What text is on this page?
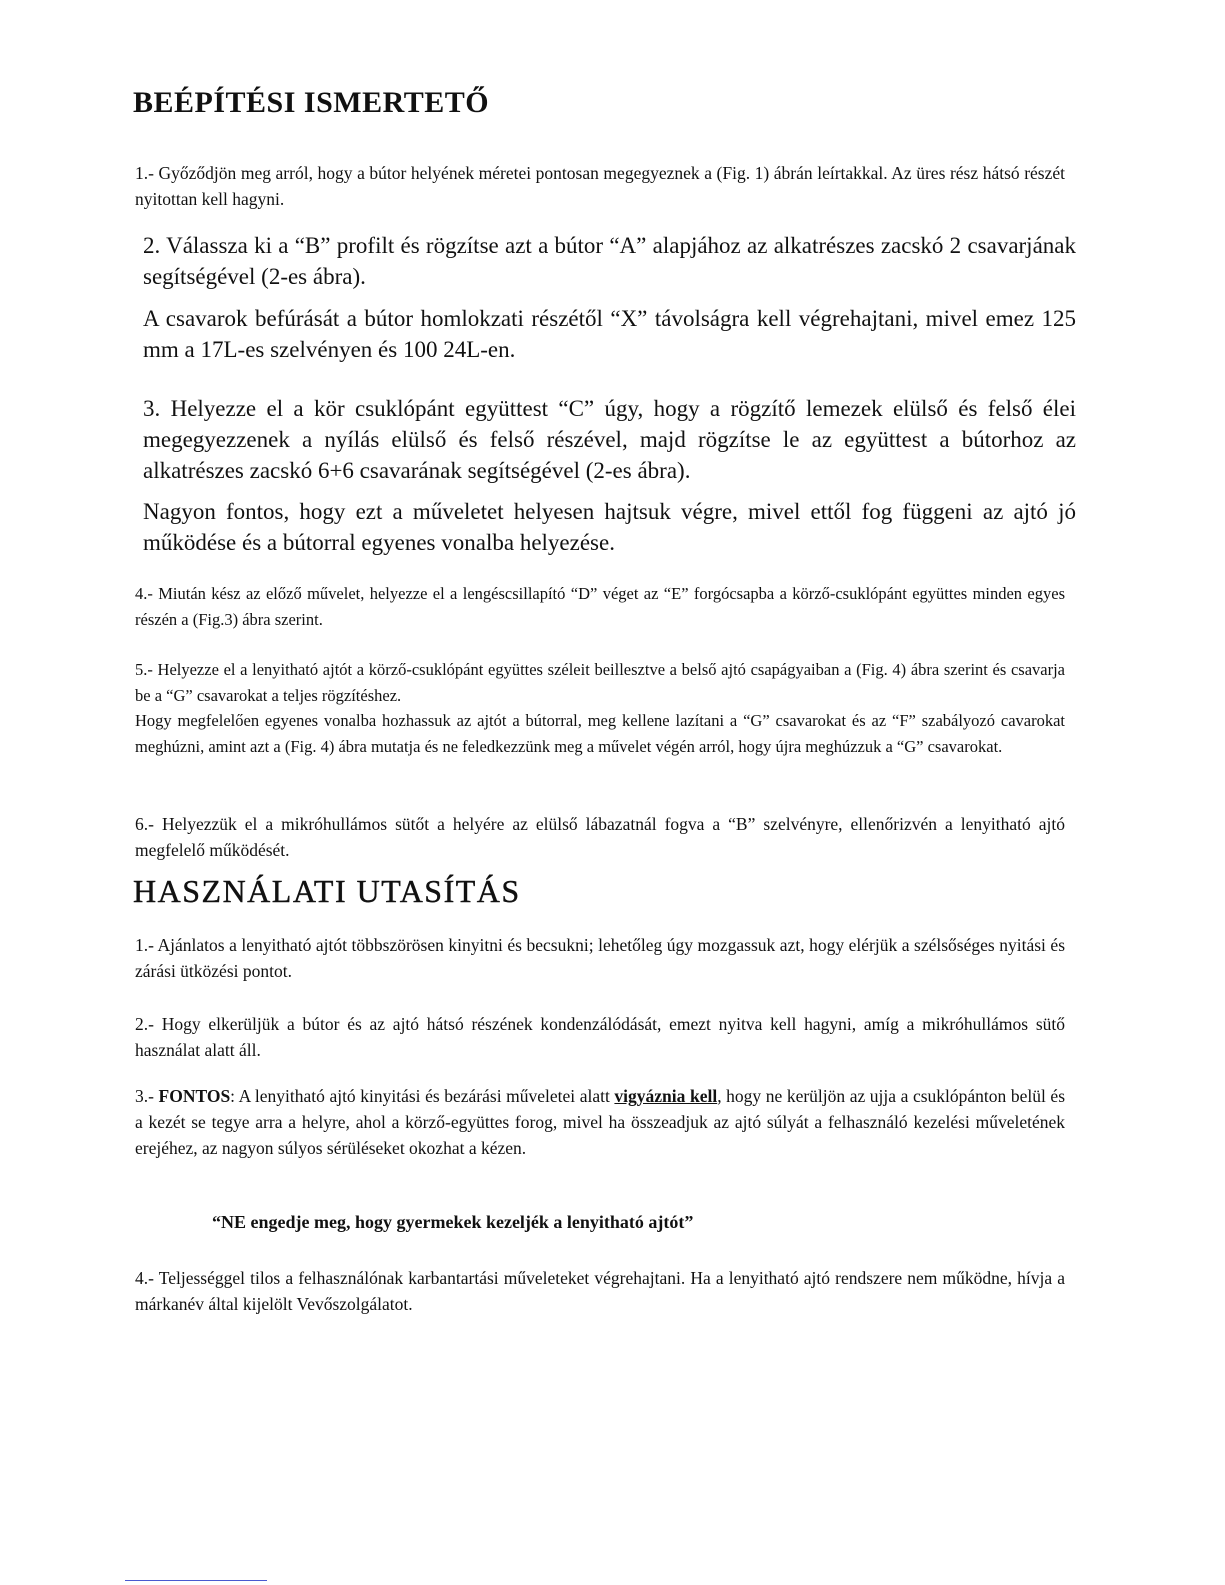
BEÉPÍTÉSI ISMERTETŐ

1.- Győződjön meg arról, hogy a bútor helyének méretei pontosan megegyeznek a (Fig. 1) ábrán leírtakkal. Az üres rész hátsó részét nyitottan kell hagyni.

2. Válassza ki a “B” profilt és rögzítse azt a bútor “A” alapjához az alkatrészes zacskó 2 csavarjának segítségével (2-es ábra).

A csavarok befúrását a bútor homlokzati részétől “X” távolságra kell végrehajtani, mivel emez 125 mm a 17L-es szelvényen és 100 24L-en.

3. Helyezze el a kör csuklópánt együttest “C” úgy, hogy a rögzítő lemezek elülső és felső élei megegyezzenek a nyílás elülső és felső részével, majd rögzítse le az együttest a bútorhoz az alkatrészes zacskó 6+6 csavarának segítségével (2-es ábra).

Nagyon fontos, hogy ezt a műveletet helyesen hajtsuk végre, mivel ettől fog függeni az ajtó jó működése és a bútorral egyenes vonalba helyezése.

4.- Miután kész az előző művelet, helyezze el a lengéscsillapító “D” véget az “E” forgócsapba a körző-csuklópánt együttes minden egyes részén a (Fig.3) ábra szerint.

5.- Helyezze el a lenyitható ajtót a körző-csuklópánt együttes széleit beillesztve a belső ajtó csapágyaiban a (Fig. 4) ábra szerint és csavarja be a “G” csavarokat a teljes rögzítéshez.

Hogy megfelelően egyenes vonalba hozhassuk az ajtót a bútorral, meg kellene lazítani a “G” csavarokat és az “F” szabályozó cavarokat meghúzni, amint azt a (Fig. 4) ábra mutatja és ne feledkezzünk meg a művelet végén arról, hogy újra meghúzzuk a “G” csavarokat.

6.- Helyezzük el a mikróhullámos sütőt a helyére az elülső lábazatnál fogva a “B” szelvényre, ellenőrizvén a lenyitható ajtó megfelelő működését.

HASZNÁLATI UTASÍTÁS

1.- Ajánlatos a lenyitható ajtót többszörösen kinyitni és becsukni; lehetőleg úgy mozgassuk azt, hogy elérjük a szélsőséges nyitási és zárási ütközési pontot.

2.- Hogy elkerüljük a bútor és az ajtó hátsó részének kondenzálódását, emezt nyitva kell hagyni, amíg a mikróhullámos sütő használat alatt áll.

3.- FONTOS: A lenyitható ajtó kinyitási és bezárási műveletei alatt vigyáznia kell, hogy ne kerüljön az ujja a csuklópánton belül és a kezét se tegye arra a helyre, ahol a körző-együttes forog, mivel ha összeadjuk az ajtó súlyát a felhasználó kezelési műveletének erejéhez, az nagyon súlyos sérüléseket okozhat a kézen.

“NE engedje meg, hogy gyermekek kezeljék a lenyitható ajtót”

4.- Teljességgel tilos a felhasználónak karbantartási műveleteket végrehajtani. Ha a lenyitható ajtó rendszere nem működne, hívja a márkanév által kijelölt Vevőszolgálatot.
